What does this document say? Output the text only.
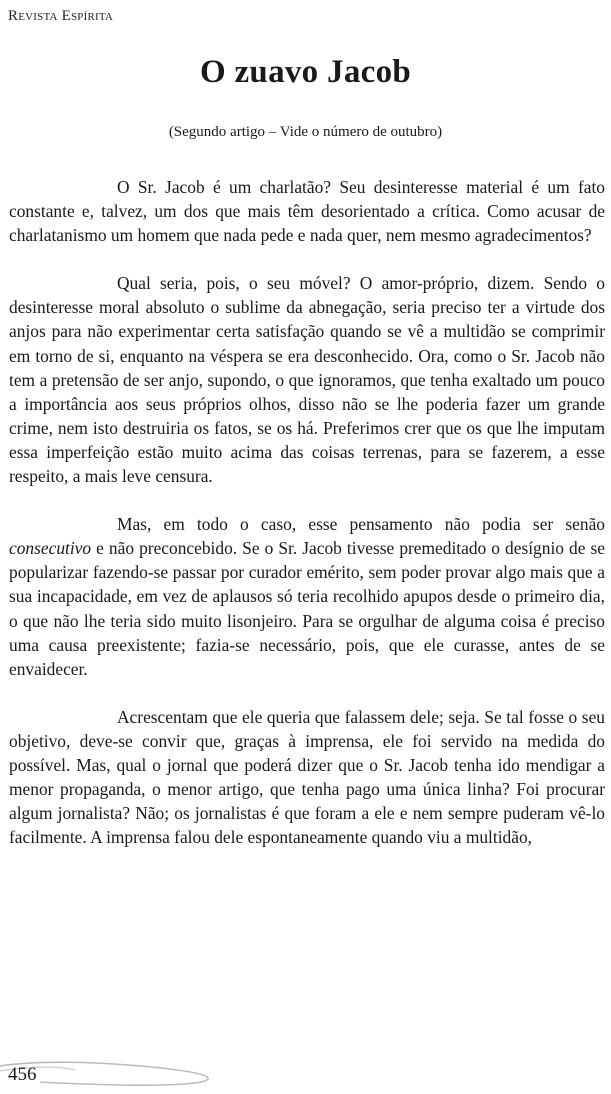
Revista Espírita
O zuavo Jacob
(Segundo artigo – Vide o número de outubro)

O Sr. Jacob é um charlatão? Seu desinteresse material é um fato constante e, talvez, um dos que mais têm desorientado a crítica. Como acusar de charlatanismo um homem que nada pede e nada quer, nem mesmo agradecimentos?

Qual seria, pois, o seu móvel? O amor-próprio, dizem. Sendo o desinteresse moral absoluto o sublime da abnegação, seria preciso ter a virtude dos anjos para não experimentar certa satisfação quando se vê a multidão se comprimir em torno de si, enquanto na véspera se era desconhecido. Ora, como o Sr. Jacob não tem a pretensão de ser anjo, supondo, o que ignoramos, que tenha exaltado um pouco a importância aos seus próprios olhos, disso não se lhe poderia fazer um grande crime, nem isto destruiria os fatos, se os há. Preferimos crer que os que lhe imputam essa imperfeição estão muito acima das coisas terrenas, para se fazerem, a esse respeito, a mais leve censura.

Mas, em todo o caso, esse pensamento não podia ser senão consecutivo e não preconcebido. Se o Sr. Jacob tivesse premeditado o desígnio de se popularizar fazendo-se passar por curador emérito, sem poder provar algo mais que a sua incapacidade, em vez de aplausos só teria recolhido apupos desde o primeiro dia, o que não lhe teria sido muito lisonjeiro. Para se orgulhar de alguma coisa é preciso uma causa preexistente; fazia-se necessário, pois, que ele curasse, antes de se envaidecer.

Acrescentam que ele queria que falassem dele; seja. Se tal fosse o seu objetivo, deve-se convir que, graças à imprensa, ele foi servido na medida do possível. Mas, qual o jornal que poderá dizer que o Sr. Jacob tenha ido mendigar a menor propaganda, o menor artigo, que tenha pago uma única linha? Foi procurar algum jornalista? Não; os jornalistas é que foram a ele e nem sempre puderam vê-lo facilmente. A imprensa falou dele espontaneamente quando viu a multidão,

456
